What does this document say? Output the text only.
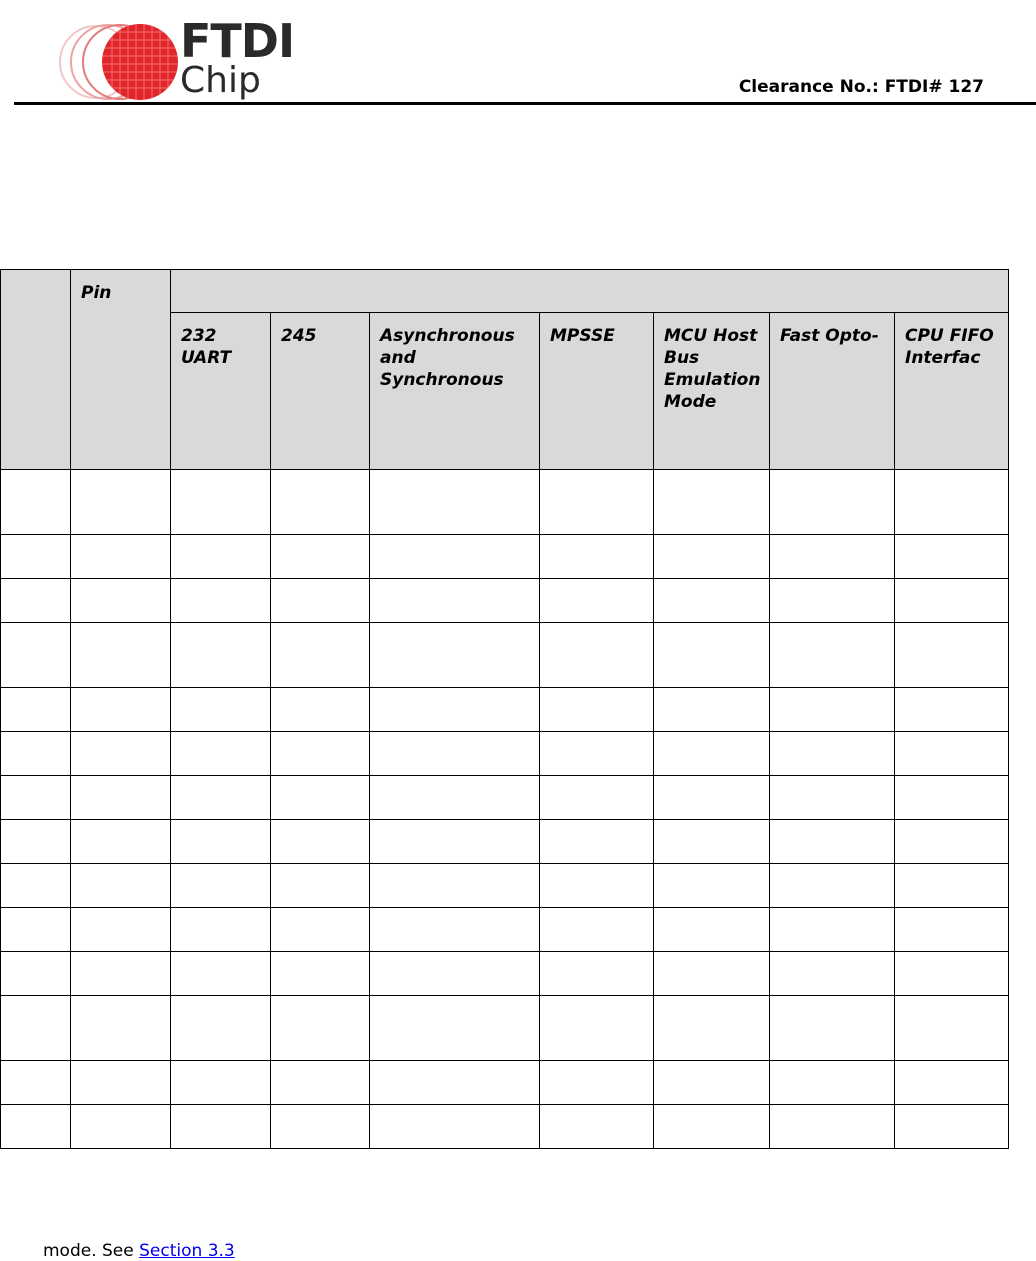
FTDI
Chip	Clearance No.: FTDI# 127
	Pin							
		232 UART	245	Asynchronous and Synchronous	MPSSE	MCU Host Bus Emulation Mode	Fast Opto-	CPU FIFO Interfac

mode. See Section 3.3
